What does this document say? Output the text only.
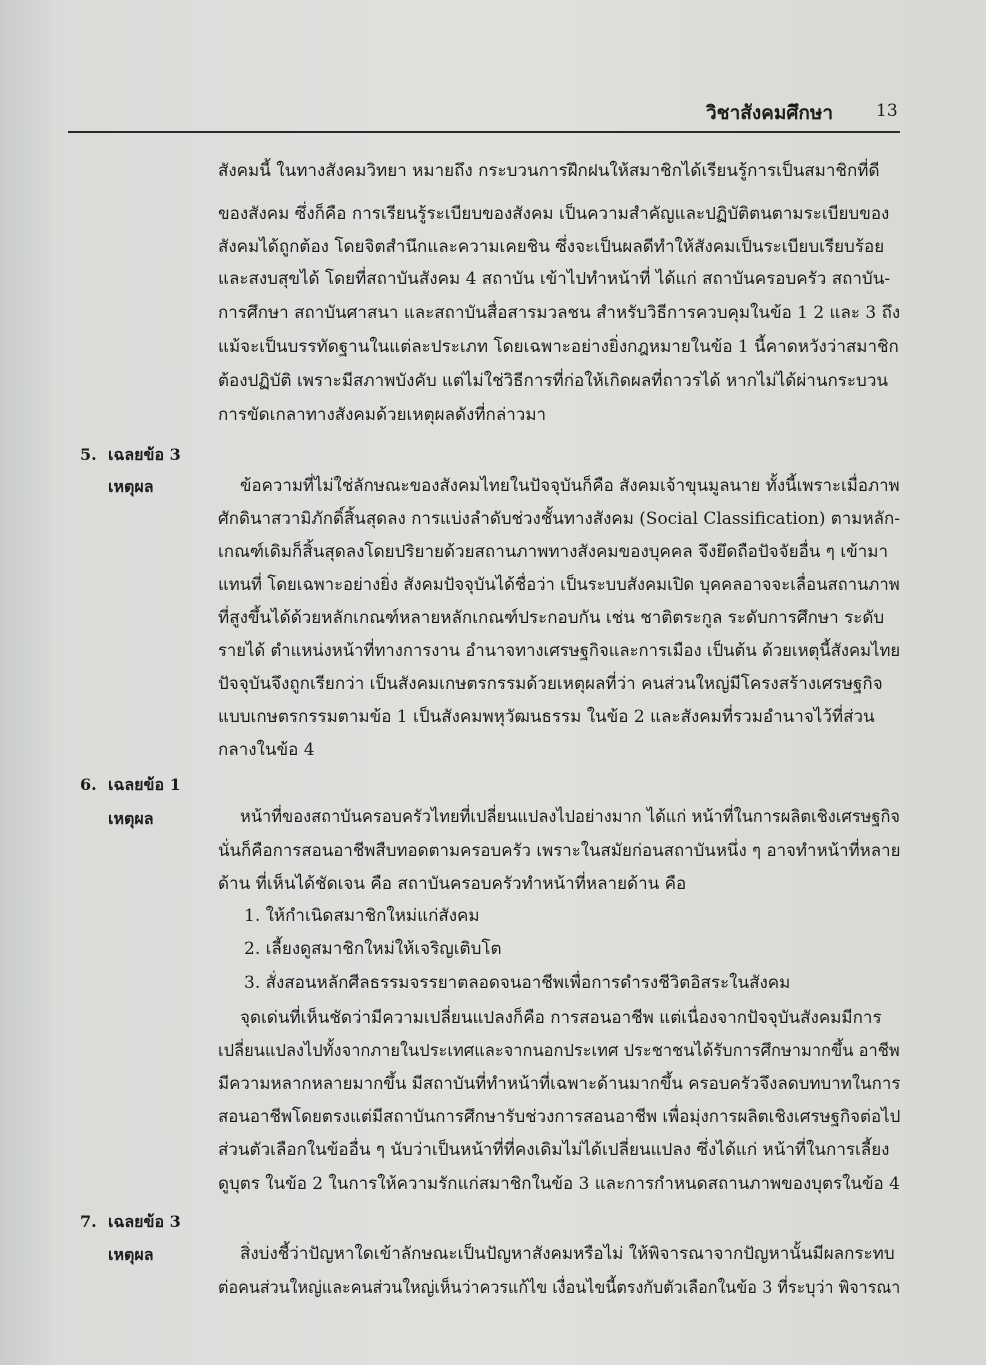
วิชาสังคมศึกษา	13
สังคมนี้ ในทางสังคมวิทยา หมายถึง กระบวนการฝึกฝนให้สมาชิกได้เรียนรู้การเป็นสมาชิกที่ดี
ของสังคม ซึ่งก็คือ การเรียนรู้ระเบียบของสังคม เป็นความสำคัญและปฏิบัติตนตามระเบียบของ
สังคมได้ถูกต้อง โดยจิตสำนึกและความเคยชิน ซึ่งจะเป็นผลดีทำให้สังคมเป็นระเบียบเรียบร้อย
และสงบสุขได้ โดยที่สถาบันสังคม 4 สถาบัน เข้าไปทำหน้าที่ ได้แก่ สถาบันครอบครัว สถาบัน-
การศึกษา สถาบันศาสนา และสถาบันสื่อสารมวลชน สำหรับวิธีการควบคุมในข้อ 1 2 และ 3 ถึง
แม้จะเป็นบรรทัดฐานในแต่ละประเภท โดยเฉพาะอย่างยิ่งกฎหมายในข้อ 1 นี้คาดหวังว่าสมาชิก
ต้องปฏิบัติ เพราะมีสภาพบังคับ แต่ไม่ใช่วิธีการที่ก่อให้เกิดผลที่ถาวรได้ หากไม่ได้ผ่านกระบวน
การขัดเกลาทางสังคมด้วยเหตุผลดังที่กล่าวมา
5. เฉลยข้อ 3
เหตุผล	ข้อความที่ไม่ใช่ลักษณะของสังคมไทยในปัจจุบันก็คือ สังคมเจ้าขุนมูลนาย ทั้งนี้เพราะเมื่อภาพ
ศักดินาสวามิภักดิ์สิ้นสุดลง การแบ่งลำดับช่วงชั้นทางสังคม (Social Classification) ตามหลัก-
เกณฑ์เดิมก็สิ้นสุดลงโดยปริยายด้วยสถานภาพทางสังคมของบุคคล จึงยึดถือปัจจัยอื่น ๆ เข้ามา
แทนที่ โดยเฉพาะอย่างยิ่ง สังคมปัจจุบันได้ชื่อว่า เป็นระบบสังคมเปิด บุคคลอาจจะเลื่อนสถานภาพ
ที่สูงขึ้นได้ด้วยหลักเกณฑ์หลายหลักเกณฑ์ประกอบกัน เช่น ชาติตระกูล ระดับการศึกษา ระดับ
รายได้ ตำแหน่งหน้าที่ทางการงาน อำนาจทางเศรษฐกิจและการเมือง เป็นต้น ด้วยเหตุนี้สังคมไทย
ปัจจุบันจึงถูกเรียกว่า เป็นสังคมเกษตรกรรมด้วยเหตุผลที่ว่า คนส่วนใหญ่มีโครงสร้างเศรษฐกิจ
แบบเกษตรกรรมตามข้อ 1 เป็นสังคมพหุวัฒนธรรม ในข้อ 2 และสังคมที่รวมอำนาจไว้ที่ส่วน
กลางในข้อ 4
6. เฉลยข้อ 1
เหตุผล	หน้าที่ของสถาบันครอบครัวไทยที่เปลี่ยนแปลงไปอย่างมาก ได้แก่ หน้าที่ในการผลิตเชิงเศรษฐกิจ
นั่นก็คือการสอนอาชีพสืบทอดตามครอบครัว เพราะในสมัยก่อนสถาบันหนึ่ง ๆ อาจทำหน้าที่หลาย
ด้าน ที่เห็นได้ชัดเจน คือ สถาบันครอบครัวทำหน้าที่หลายด้าน คือ
1. ให้กำเนิดสมาชิกใหม่แก่สังคม
2. เลี้ยงดูสมาชิกใหม่ให้เจริญเติบโต
3. สั่งสอนหลักศีลธรรมจรรยาตลอดจนอาชีพเพื่อการดำรงชีวิตอิสระในสังคม
จุดเด่นที่เห็นชัดว่ามีความเปลี่ยนแปลงก็คือ การสอนอาชีพ แต่เนื่องจากปัจจุบันสังคมมีการ
เปลี่ยนแปลงไปทั้งจากภายในประเทศและจากนอกประเทศ ประชาชนได้รับการศึกษามากขึ้น อาชีพ
มีความหลากหลายมากขึ้น มีสถาบันที่ทำหน้าที่เฉพาะด้านมากขึ้น ครอบครัวจึงลดบทบาทในการ
สอนอาชีพโดยตรงแต่มีสถาบันการศึกษารับช่วงการสอนอาชีพ เพื่อมุ่งการผลิตเชิงเศรษฐกิจต่อไป
ส่วนตัวเลือกในข้ออื่น ๆ นับว่าเป็นหน้าที่ที่คงเดิมไม่ได้เปลี่ยนแปลง ซึ่งได้แก่ หน้าที่ในการเลี้ยง
ดูบุตร ในข้อ 2 ในการให้ความรักแก่สมาชิกในข้อ 3 และการกำหนดสถานภาพของบุตรในข้อ 4
7. เฉลยข้อ 3
เหตุผล	สิ่งบ่งชี้ว่าปัญหาใดเข้าลักษณะเป็นปัญหาสังคมหรือไม่ ให้พิจารณาจากปัญหานั้นมีผลกระทบ
ต่อคนส่วนใหญ่และคนส่วนใหญ่เห็นว่าควรแก้ไข เงื่อนไขนี้ตรงกับตัวเลือกในข้อ 3 ที่ระบุว่า พิจารณา
